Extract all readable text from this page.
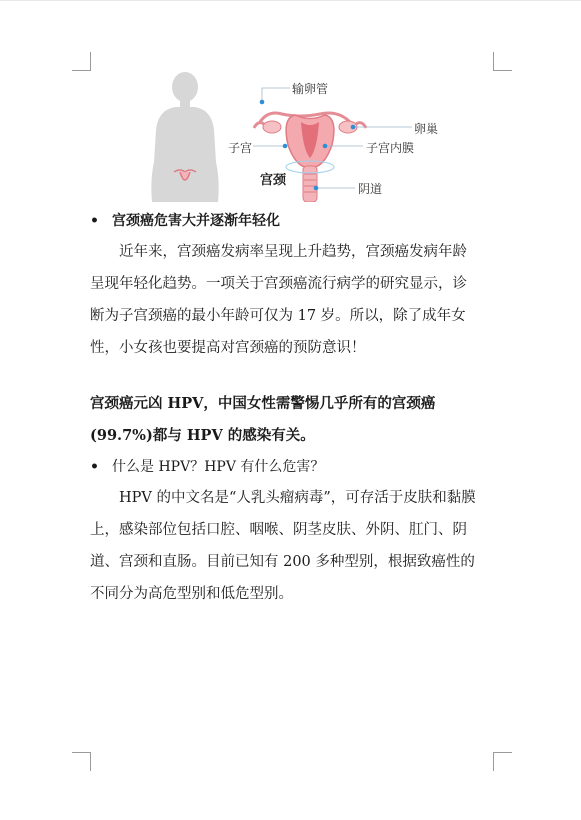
输卵管
卵巢
子宫	子宫内膜
宫颈
阴道
• 宫颈癌危害大并逐渐年轻化
近年来，宫颈癌发病率呈现上升趋势，宫颈癌发病年龄
呈现年轻化趋势。一项关于宫颈癌流行病学的研究显示，诊
断为子宫颈癌的最小年龄可仅为 17 岁。所以，除了成年女
性，小女孩也要提高对宫颈癌的预防意识！
宫颈癌元凶 HPV，中国女性需警惕几乎所有的宫颈癌
(99.7%)都与 HPV 的感染有关。
• 什么是 HPV？HPV 有什么危害？
HPV 的中文名是“人乳头瘤病毒”，可存活于皮肤和黏膜
上，感染部位包括口腔、咽喉、阴茎皮肤、外阴、肛门、阴
道、宫颈和直肠。目前已知有 200 多种型别，根据致癌性的
不同分为高危型别和低危型别。
